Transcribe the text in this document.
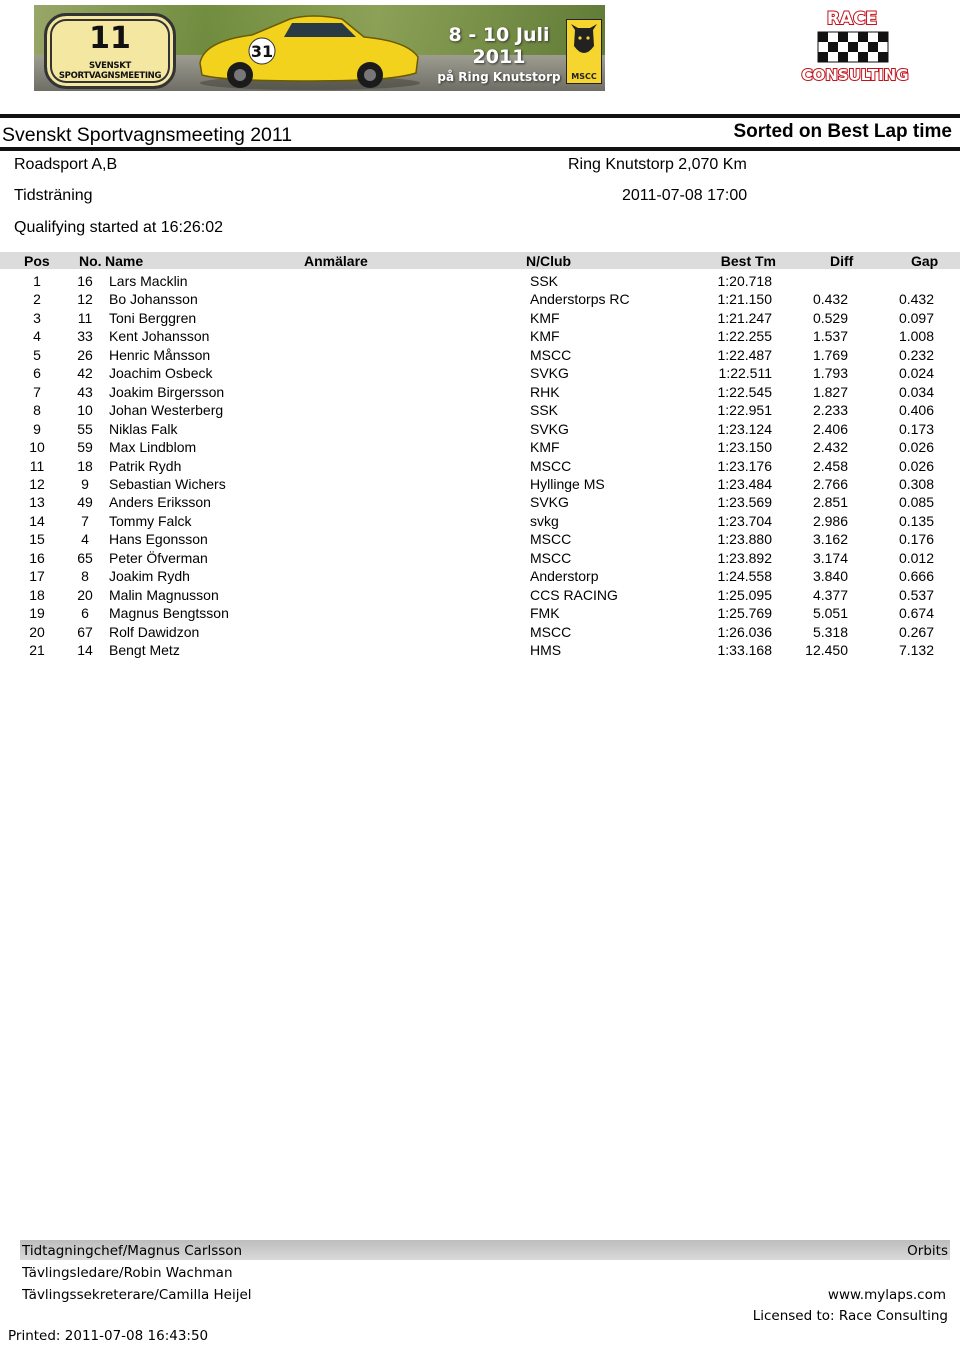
11
SVENSKT SPORTVAGNSMEETING
31
8 - 10 Juli 2011
på Ring Knutstorp	MSCC
RACE
CONSULTING
Svenskt Sportvagnsmeeting 2011	Sorted on Best Lap time
Roadsport A,B	Ring Knutstorp 2,070 Km
Tidsträning	2011-07-08 17:00
Qualifying started at 16:26:02
Pos No. Name	Anmälare	N/Club	Best Tm	Diff	Gap
1	16	Lars Macklin	SSK	1:20.718
2	12	Bo Johansson	Anderstorps RC	1:21.150	0.432	0.432
3	11	Toni Berggren	KMF	1:21.247	0.529	0.097
4	33	Kent Johansson	KMF	1:22.255	1.537	1.008
5	26	Henric Månsson	MSCC	1:22.487	1.769	0.232
6	42	Joachim Osbeck	SVKG	1:22.511	1.793	0.024
7	43	Joakim Birgersson	RHK	1:22.545	1.827	0.034
8	10	Johan Westerberg	SSK	1:22.951	2.233	0.406
9	55	Niklas Falk	SVKG	1:23.124	2.406	0.173
10	59	Max Lindblom	KMF	1:23.150	2.432	0.026
11	18	Patrik Rydh	MSCC	1:23.176	2.458	0.026
12	9	Sebastian Wichers	Hyllinge MS	1:23.484	2.766	0.308
13	49	Anders Eriksson	SVKG	1:23.569	2.851	0.085
14	7	Tommy Falck	svkg	1:23.704	2.986	0.135
15	4	Hans Egonsson	MSCC	1:23.880	3.162	0.176
16	65	Peter Öfverman	MSCC	1:23.892	3.174	0.012
17	8	Joakim Rydh	Anderstorp	1:24.558	3.840	0.666
18	20	Malin Magnusson	CCS RACING	1:25.095	4.377	0.537
19	6	Magnus Bengtsson	FMK	1:25.769	5.051	0.674
20	67	Rolf Dawidzon	MSCC	1:26.036	5.318	0.267
21	14	Bengt Metz	HMS	1:33.168	12.450	7.132
Tidtagningchef/Magnus Carlsson	Orbits
Tävlingsledare/Robin Wachman
Tävlingssekreterare/Camilla Heijel	www.mylaps.com
Licensed to: Race Consulting
Printed: 2011-07-08 16:43:50
